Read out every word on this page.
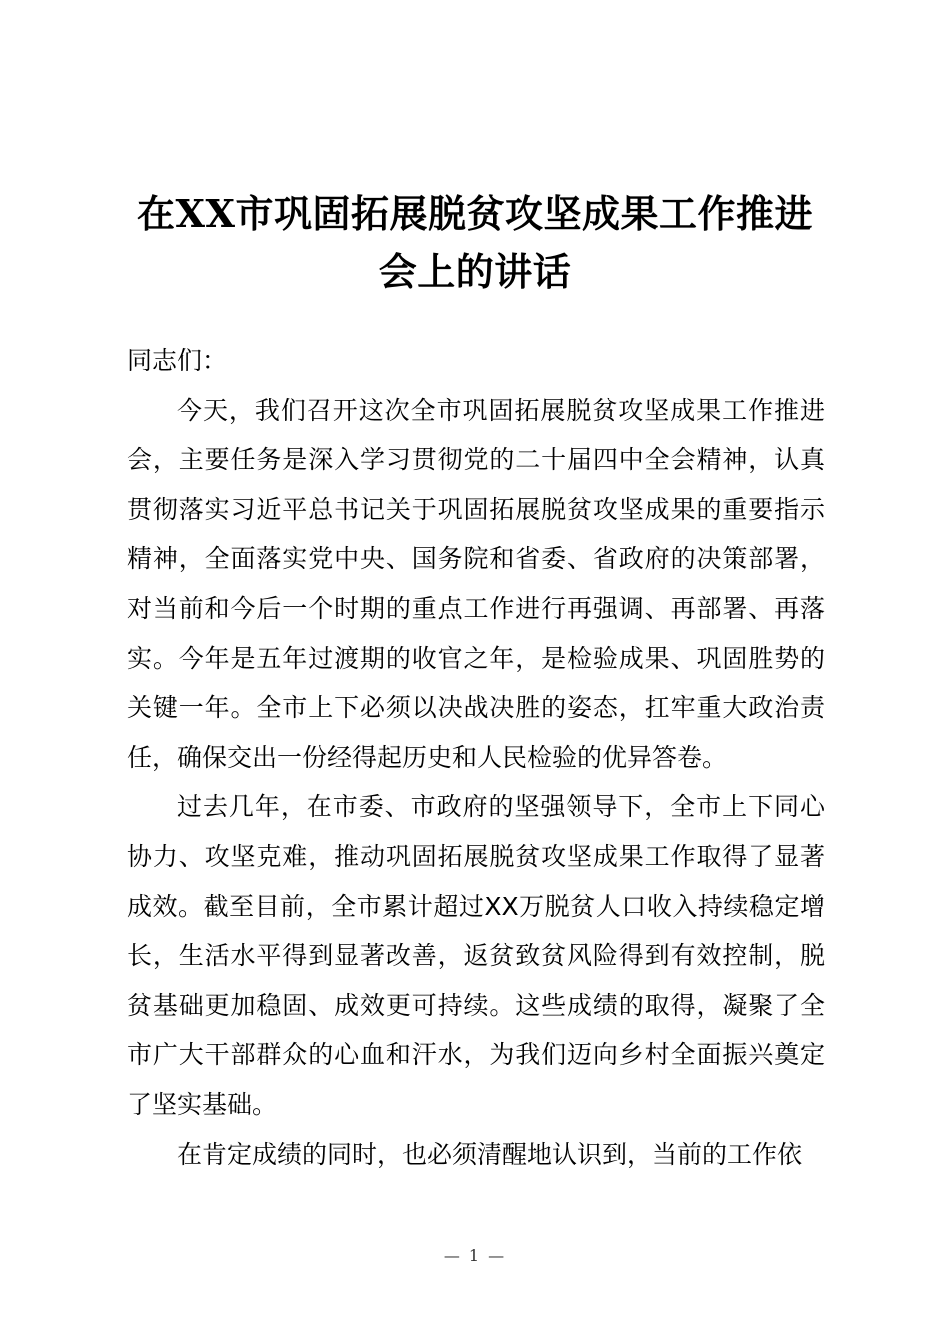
在XX市巩固拓展脱贫攻坚成果工作推进
会上的讲话

同志们：

今天，我们召开这次全市巩固拓展脱贫攻坚成果工作推进会，主要任务是深入学习贯彻党的二十届四中全会精神，认真贯彻落实习近平总书记关于巩固拓展脱贫攻坚成果的重要指示精神，全面落实党中央、国务院和省委、省政府的决策部署，对当前和今后一个时期的重点工作进行再强调、再部署、再落实。今年是五年过渡期的收官之年，是检验成果、巩固胜势的关键一年。全市上下必须以决战决胜的姿态，扛牢重大政治责任，确保交出一份经得起历史和人民检验的优异答卷。

过去几年，在市委、市政府的坚强领导下，全市上下同心协力、攻坚克难，推动巩固拓展脱贫攻坚成果工作取得了显著成效。截至目前，全市累计超过XX万脱贫人口收入持续稳定增长，生活水平得到显著改善，返贫致贫风险得到有效控制，脱贫基础更加稳固、成效更可持续。这些成绩的取得，凝聚了全市广大干部群众的心血和汗水，为我们迈向乡村全面振兴奠定了坚实基础。

在肯定成绩的同时，也必须清醒地认识到，当前的工作依

— 1 —
